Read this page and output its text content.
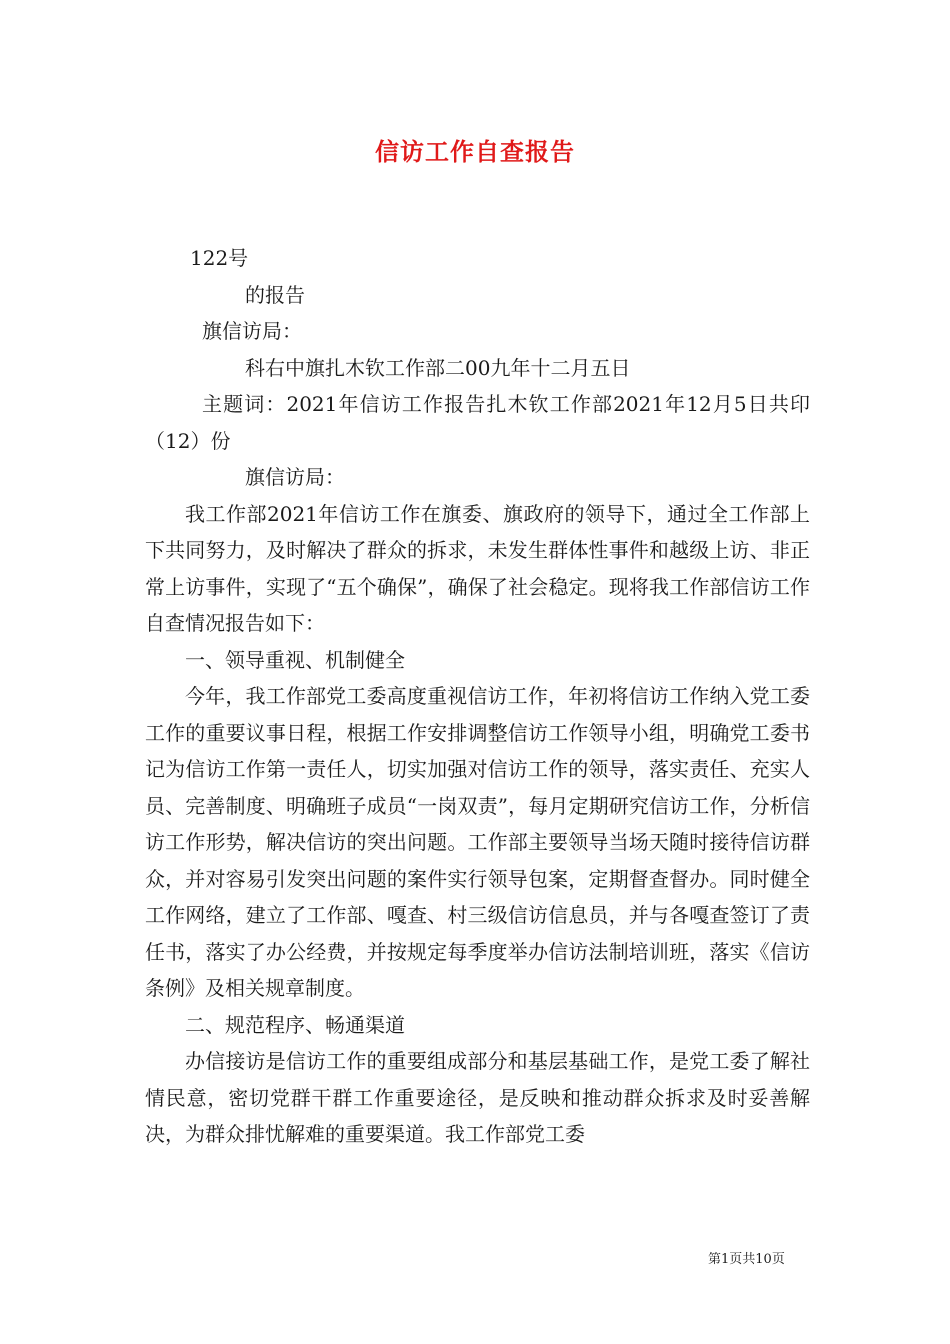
信访工作自查报告

122号

的报告

旗信访局：

科右中旗扎木钦工作部二00九年十二月五日

主题词：2021年信访工作报告扎木钦工作部2021年12月5日共印（12）份

旗信访局：

我工作部2021年信访工作在旗委、旗政府的领导下，通过全工作部上下共同努力，及时解决了群众的拆求，未发生群体性事件和越级上访、非正常上访事件，实现了“五个确保”，确保了社会稳定。现将我工作部信访工作自查情况报告如下：

一、领导重视、机制健全

今年，我工作部党工委高度重视信访工作，年初将信访工作纳入党工委工作的重要议事日程，根据工作安排调整信访工作领导小组，明确党工委书记为信访工作第一责任人，切实加强对信访工作的领导，落实责任、充实人员、完善制度、明确班子成员“一岗双责”，每月定期研究信访工作，分析信访工作形势，解决信访的突出问题。工作部主要领导当场天随时接待信访群众，并对容易引发突出问题的案件实行领导包案，定期督查督办。同时健全工作网络，建立了工作部、嘎查、村三级信访信息员，并与各嘎查签订了责任书，落实了办公经费，并按规定每季度举办信访法制培训班，落实《信访条例》及相关规章制度。

二、规范程序、畅通渠道

办信接访是信访工作的重要组成部分和基层基础工作，是党工委了解社情民意，密切党群干群工作重要途径，是反映和推动群众拆求及时妥善解决，为群众排忧解难的重要渠道。我工作部党工委

第1页共10页
